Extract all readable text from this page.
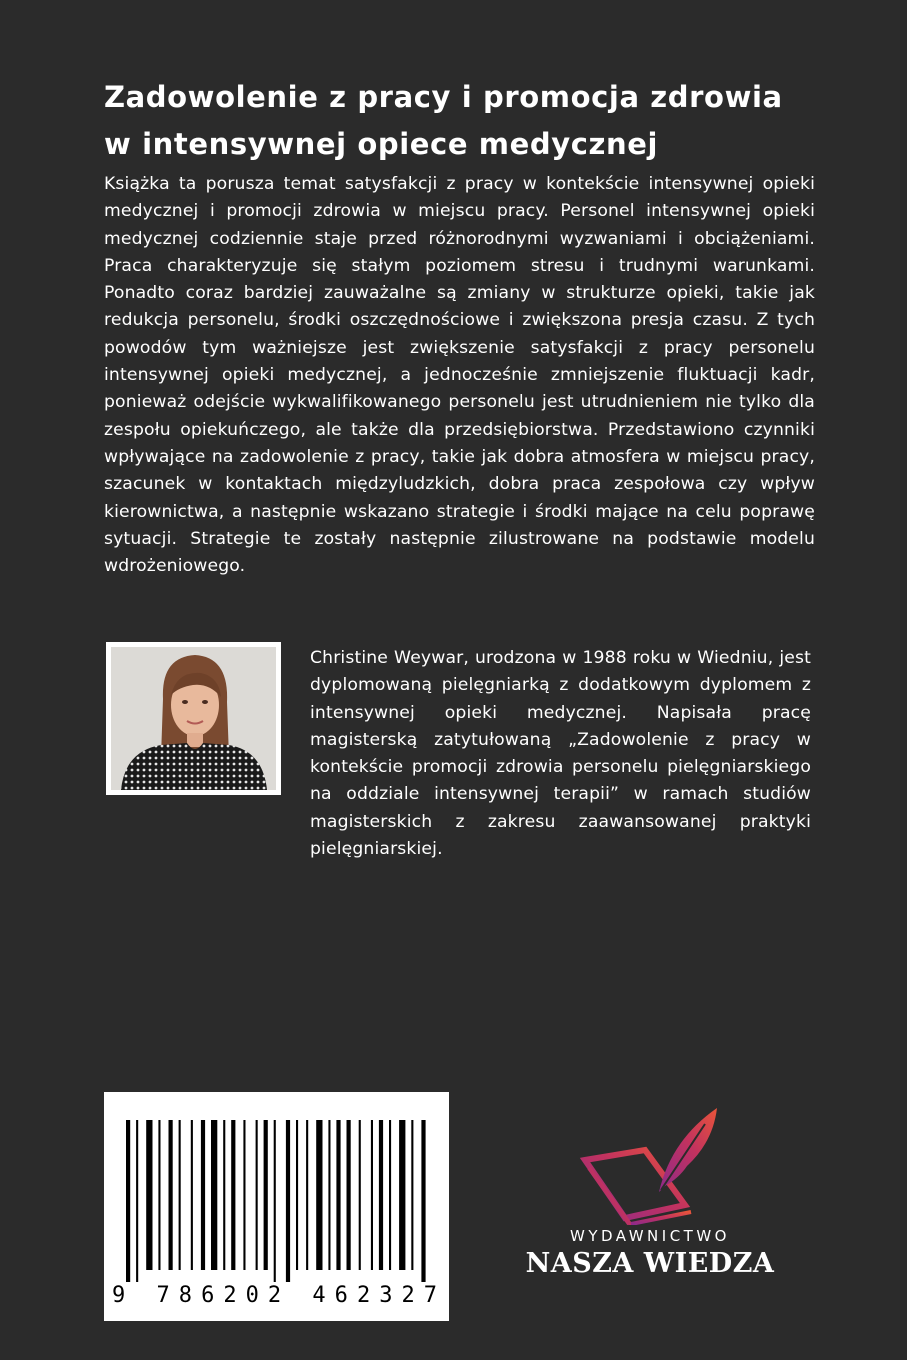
Zadowolenie z pracy i promocja zdrowia
w intensywnej opiece medycznej

Książka ta porusza temat satysfakcji z pracy w kontekście intensywnej opieki medycznej i promocji zdrowia w miejscu pracy. Personel intensywnej opieki medycznej codziennie staje przed różnorodnymi wyzwaniami i obciążeniami. Praca charakteryzuje się stałym poziomem stresu i trudnymi warunkami. Ponadto coraz bardziej zauważalne są zmiany w strukturze opieki, takie jak redukcja personelu, środki oszczędnościowe i zwiększona presja czasu. Z tych powodów tym ważniejsze jest zwiększenie satysfakcji z pracy personelu intensywnej opieki medycznej, a jednocześnie zmniejszenie fluktuacji kadr, ponieważ odejście wykwalifikowanego personelu jest utrudnieniem nie tylko dla zespołu opiekuńczego, ale także dla przedsiębiorstwa. Przedstawiono czynniki wpływające na zadowolenie z pracy, takie jak dobra atmosfera w miejscu pracy, szacunek w kontaktach międzyludzkich, dobra praca zespołowa czy wpływ kierownictwa, a następnie wskazano strategie i środki mające na celu poprawę sytuacji. Strategie te zostały następnie zilustrowane na podstawie modelu wdrożeniowego.

Christine Weywar, urodzona w 1988 roku w Wiedniu, jest dyplomowaną pielęgniarką z dodatkowym dyplomem z intensywnej opieki medycznej. Napisała pracę magisterską zatytułowaną „Zadowolenie z pracy w kontekście promocji zdrowia personelu pielęgniarskiego na oddziale intensywnej terapii” w ramach studiów magisterskich z zakresu zaawansowanej praktyki pielęgniarskiej.

9 786202 462327
WYDAWNICTWO
NASZA WIEDZA
